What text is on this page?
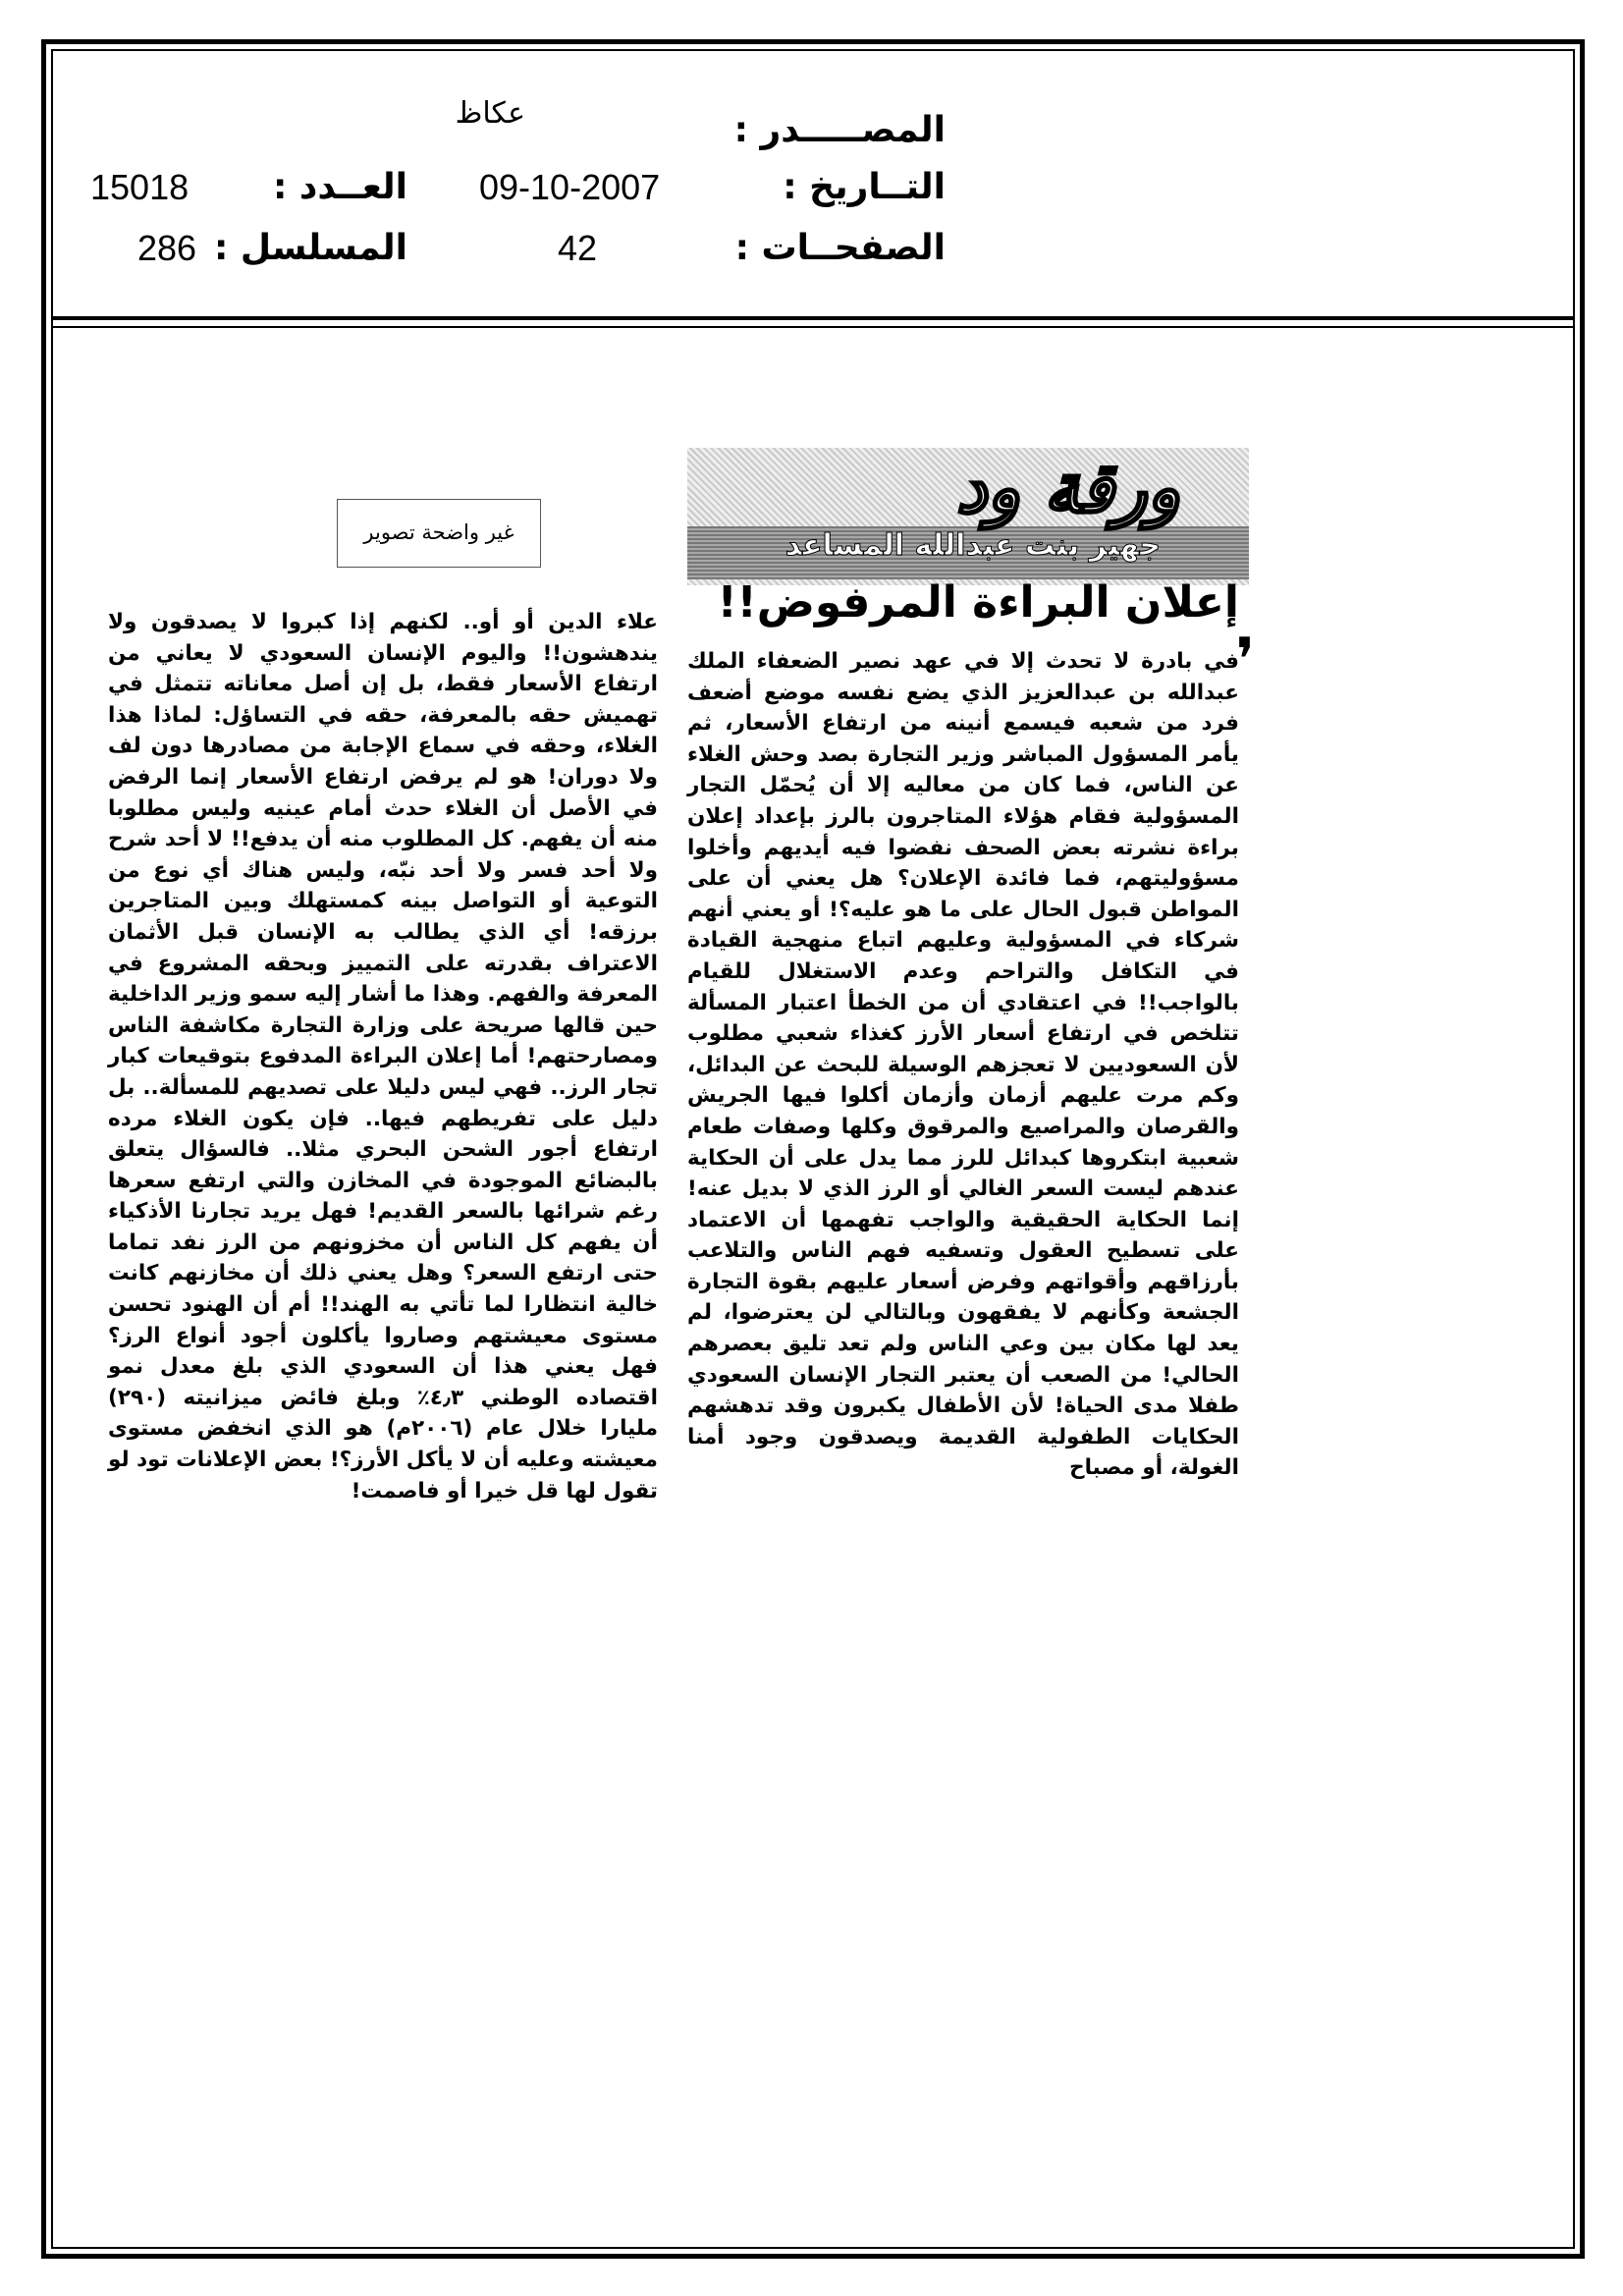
المصـــــدر :
عكاظ
التــاريخ :
09-10-2007
العــدد :
15018
الصفحــات :
42
المسلسل :
286
غير واضحة تصوير
ورقة ود
جهير بنت عبدالله المساعد
إعلان البراءة المرفوض!!
❜
في بادرة لا تحدث إلا في عهد نصير الضعفاء الملك عبدالله بن عبدالعزيز الذي يضع نفسه موضع أضعف فرد من شعبه فيسمع أنينه من ارتفاع الأسعار، ثم يأمر المسؤول المباشر وزير التجارة بصد وحش الغلاء عن الناس، فما كان من معاليه إلا أن يُحمّل التجار المسؤولية فقام هؤلاء المتاجرون بالرز بإعداد إعلان براءة نشرته بعض الصحف نفضوا فيه أيديهم وأخلوا مسؤوليتهم، فما فائدة الإعلان؟ هل يعني أن على المواطن قبول الحال على ما هو عليه؟! أو يعني أنهم شركاء في المسؤولية وعليهم اتباع منهجية القيادة في التكافل والتراحم وعدم الاستغلال للقيام بالواجب!! في اعتقادي أن من الخطأ اعتبار المسألة تتلخص في ارتفاع أسعار الأرز كغذاء شعبي مطلوب لأن السعوديين لا تعجزهم الوسيلة للبحث عن البدائل، وكم مرت عليهم أزمان وأزمان أكلوا فيها الجريش والقرصان والمراصيع والمرقوق وكلها وصفات طعام شعبية ابتكروها كبدائل للرز مما يدل على أن الحكاية عندهم ليست السعر الغالي أو الرز الذي لا بديل عنه! إنما الحكاية الحقيقية والواجب تفهمها أن الاعتماد على تسطيح العقول وتسفيه فهم الناس والتلاعب بأرزاقهم وأقواتهم وفرض أسعار عليهم بقوة التجارة الجشعة وكأنهم لا يفقهون وبالتالي لن يعترضوا، لم يعد لها مكان بين وعي الناس ولم تعد تليق بعصرهم الحالي! من الصعب أن يعتبر التجار الإنسان السعودي طفلا مدى الحياة! لأن الأطفال يكبرون وقد تدهشهم الحكايات الطفولية القديمة ويصدقون وجود أمنا الغولة، أو مصباح
علاء الدين أو أو.. لكنهم إذا كبروا لا يصدقون ولا يندهشون!! واليوم الإنسان السعودي لا يعاني من ارتفاع الأسعار فقط، بل إن أصل معاناته تتمثل في تهميش حقه بالمعرفة، حقه في التساؤل: لماذا هذا الغلاء، وحقه في سماع الإجابة من مصادرها دون لف ولا دوران! هو لم يرفض ارتفاع الأسعار إنما الرفض في الأصل أن الغلاء حدث أمام عينيه وليس مطلوبا منه أن يفهم. كل المطلوب منه أن يدفع!! لا أحد شرح ولا أحد فسر ولا أحد نبّه، وليس هناك أي نوع من التوعية أو التواصل بينه كمستهلك وبين المتاجرين برزقه! أي الذي يطالب به الإنسان قبل الأثمان الاعتراف بقدرته على التمييز وبحقه المشروع في المعرفة والفهم. وهذا ما أشار إليه سمو وزير الداخلية حين قالها صريحة على وزارة التجارة مكاشفة الناس ومصارحتهم! أما إعلان البراءة المدفوع بتوقيعات كبار تجار الرز.. فهي ليس دليلا على تصديهم للمسألة.. بل دليل على تفريطهم فيها.. فإن يكون الغلاء مرده ارتفاع أجور الشحن البحري مثلا.. فالسؤال يتعلق بالبضائع الموجودة في المخازن والتي ارتفع سعرها رغم شرائها بالسعر القديم! فهل يريد تجارنا الأذكياء أن يفهم كل الناس أن مخزونهم من الرز نفد تماما حتى ارتفع السعر؟ وهل يعني ذلك أن مخازنهم كانت خالية انتظارا لما تأتي به الهند!! أم أن الهنود تحسن مستوى معيشتهم وصاروا يأكلون أجود أنواع الرز؟ فهل يعني هذا أن السعودي الذي بلغ معدل نمو اقتصاده الوطني ٤٫٣٪ وبلغ فائض ميزانيته (٢٩٠) مليارا خلال عام (٢٠٠٦م) هو الذي انخفض مستوى معيشته وعليه أن لا يأكل الأرز؟! بعض الإعلانات تود لو تقول لها قل خيرا أو فاصمت!
